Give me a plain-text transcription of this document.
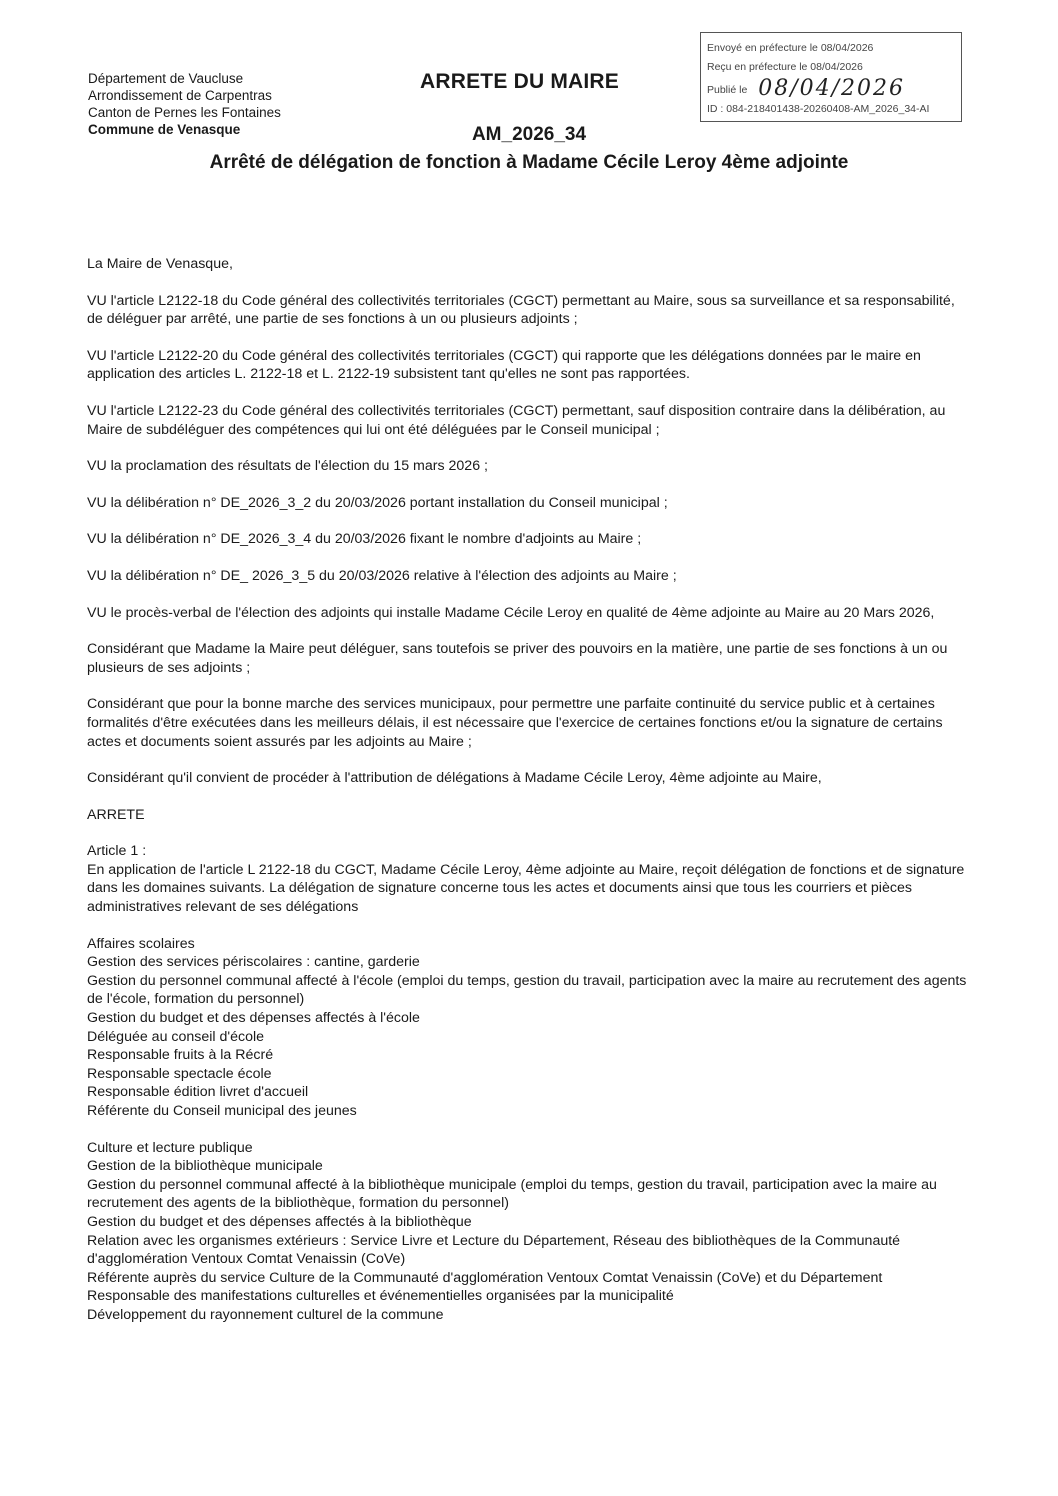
Département de Vaucluse
Arrondissement de Carpentras
Canton de Pernes les Fontaines
Commune de Venasque
ARRETE DU MAIRE
Envoyé en préfecture le 08/04/2026
Reçu en préfecture le 08/04/2026
Publié le 08/04/2026
ID : 084-218401438-20260408-AM_2026_34-AI
AM_2026_34
Arrêté de délégation de fonction à Madame Cécile Leroy 4ème adjointe

La Maire de Venasque,

VU l'article L2122-18 du Code général des collectivités territoriales (CGCT) permettant au Maire, sous sa surveillance et sa responsabilité, de déléguer par arrêté, une partie de ses fonctions à un ou plusieurs adjoints ;

VU l'article L2122-20 du Code général des collectivités territoriales (CGCT) qui rapporte que les délégations données par le maire en application des articles L. 2122-18 et L. 2122-19 subsistent tant qu'elles ne sont pas rapportées.

VU l'article L2122-23 du Code général des collectivités territoriales (CGCT) permettant, sauf disposition contraire dans la délibération, au Maire de subdéléguer des compétences qui lui ont été déléguées par le Conseil municipal ;

VU la proclamation des résultats de l'élection du 15 mars 2026 ;

VU la délibération n° DE_2026_3_2 du 20/03/2026 portant installation du Conseil municipal ;

VU la délibération n° DE_2026_3_4 du 20/03/2026 fixant le nombre d'adjoints au Maire ;

VU la délibération n° DE_ 2026_3_5 du 20/03/2026 relative à l'élection des adjoints au Maire ;

VU le procès-verbal de l'élection des adjoints qui installe Madame Cécile Leroy en qualité de 4ème adjointe au Maire au 20 Mars 2026,

Considérant que Madame la Maire peut déléguer, sans toutefois se priver des pouvoirs en la matière, une partie de ses fonctions à un ou plusieurs de ses adjoints ;

Considérant que pour la bonne marche des services municipaux, pour permettre une parfaite continuité du service public et à certaines formalités d'être exécutées dans les meilleurs délais, il est nécessaire que l'exercice de certaines fonctions et/ou la signature de certains actes et documents soient assurés par les adjoints au Maire ;

Considérant qu'il convient de procéder à l'attribution de délégations à Madame Cécile Leroy, 4ème adjointe au Maire,

ARRETE

Article 1 :
En application de l'article L 2122-18 du CGCT, Madame Cécile Leroy, 4ème adjointe au Maire, reçoit délégation de fonctions et de signature dans les domaines suivants. La délégation de signature concerne tous les actes et documents ainsi que tous les courriers et pièces administratives relevant de ses délégations
Affaires scolaires
Gestion des services périscolaires : cantine, garderie
Gestion du personnel communal affecté à l'école (emploi du temps, gestion du travail, participation avec la maire au recrutement des agents de l'école, formation du personnel)
Gestion du budget et des dépenses affectés à l'école
Déléguée au conseil d'école
Responsable fruits à la Récré
Responsable spectacle école
Responsable édition livret d'accueil
Référente du Conseil municipal des jeunes
Culture et lecture publique
Gestion de la bibliothèque municipale
Gestion du personnel communal affecté à la bibliothèque municipale (emploi du temps, gestion du travail, participation avec la maire au recrutement des agents de la bibliothèque, formation du personnel)
Gestion du budget et des dépenses affectés à la bibliothèque
Relation avec les organismes extérieurs : Service Livre et Lecture du Département, Réseau des bibliothèques de la Communauté d'agglomération Ventoux Comtat Venaissin (CoVe)
Référente auprès du service Culture de la Communauté d'agglomération Ventoux Comtat Venaissin (CoVe) et du Département
Responsable des manifestations culturelles et événementielles organisées par la municipalité
Développement du rayonnement culturel de la commune
